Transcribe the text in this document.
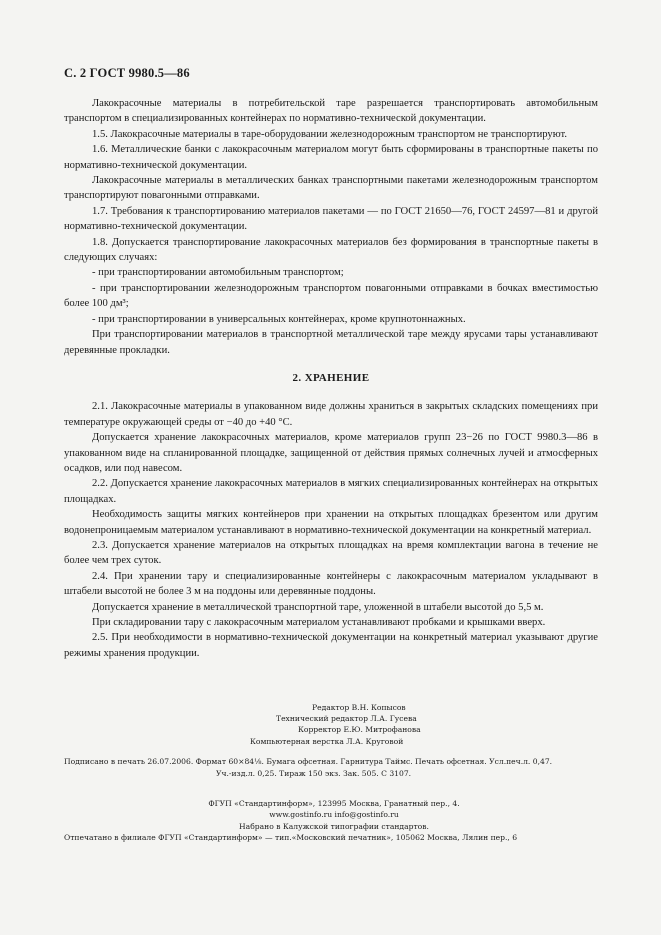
С. 2 ГОСТ 9980.5—86

Лакокрасочные материалы в потребительской таре разрешается транспортировать автомобильным транспортом в специализированных контейнерах по нормативно-технической документации.

1.5. Лакокрасочные материалы в таре-оборудовании железнодорожным транспортом не транспортируют.

1.6. Металлические банки с лакокрасочным материалом могут быть сформированы в транспортные пакеты по нормативно-технической документации.

Лакокрасочные материалы в металлических банках транспортными пакетами железнодорожным транспортом транспортируют повагонными отправками.

1.7. Требования к транспортированию материалов пакетами — по ГОСТ 21650—76, ГОСТ 24597—81 и другой нормативно-технической документации.

1.8. Допускается транспортирование лакокрасочных материалов без формирования в транспортные пакеты в следующих случаях:

- при транспортировании автомобильным транспортом;

- при транспортировании железнодорожным транспортом повагонными отправками в бочках вместимостью более 100 дм³;

- при транспортировании в универсальных контейнерах, кроме крупнотоннажных.

При транспортировании материалов в транспортной металлической таре между ярусами тары устанавливают деревянные прокладки.

2. ХРАНЕНИЕ

2.1. Лакокрасочные материалы в упакованном виде должны храниться в закрытых складских помещениях при температуре окружающей среды от −40 до +40 °С.

Допускается хранение лакокрасочных материалов, кроме материалов групп 23−26 по ГОСТ 9980.3—86 в упакованном виде на спланированной площадке, защищенной от действия прямых солнечных лучей и атмосферных осадков, или под навесом.

2.2. Допускается хранение лакокрасочных материалов в мягких специализированных контейнерах на открытых площадках.

Необходимость защиты мягких контейнеров при хранении на открытых площадках брезентом или другим водонепроницаемым материалом устанавливают в нормативно-технической документации на конкретный материал.

2.3. Допускается хранение материалов на открытых площадках на время комплектации вагона в течение не более чем трех суток.

2.4. При хранении тару и специализированные контейнеры с лакокрасочным материалом укладывают в штабели высотой не более 3 м на поддоны или деревянные поддоны.

Допускается хранение в металлической транспортной таре, уложенной в штабели высотой до 5,5 м.

При складировании тару с лакокрасочным материалом устанавливают пробками и крышками вверх.

2.5. При необходимости в нормативно-технической документации на конкретный материал указывают другие режимы хранения продукции.

Редактор В.Н. Копысов
Технический редактор Л.А. Гусева
Корректор Е.Ю. Митрофанова
Компьютерная верстка Л.А. Круговой
Подписано в печать 26.07.2006. Формат 60×84⅛. Бумага офсетная. Гарнитура Таймс. Печать офсетная. Усл.печ.л. 0,47.
Уч.-изд.л. 0,25. Тираж 150 экз. Зак. 505. С 3107.
ФГУП «Стандартинформ», 123995 Москва, Гранатный пер., 4.
www.gostinfo.ru info@gostinfo.ru
Набрано в Калужской типографии стандартов.
Отпечатано в филиале ФГУП «Стандартинформ» — тип.«Московский печатник», 105062 Москва, Лялин пер., 6
